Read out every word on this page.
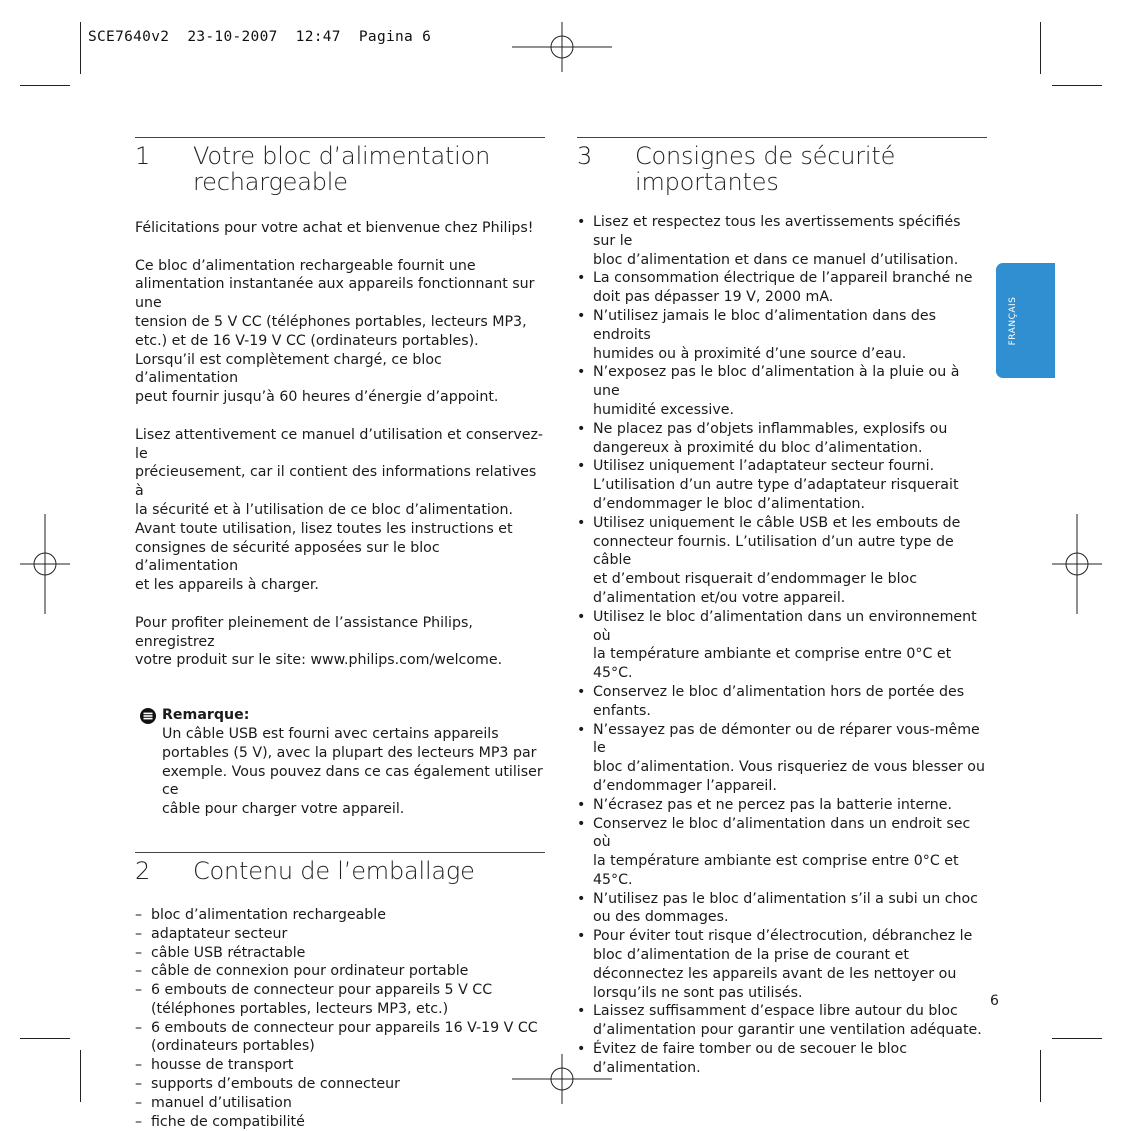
SCE7640v2  23-10-2007  12:47  Pagina 6
1	Votre bloc d’alimentation
rechargeable
Félicitations pour votre achat et bienvenue chez Philips!
Ce bloc d’alimentation rechargeable fournit une
alimentation instantanée aux appareils fonctionnant sur une
tension de 5 V CC (téléphones portables, lecteurs MP3,
etc.) et de 16 V-19 V CC (ordinateurs portables).
Lorsqu’il est complètement chargé, ce bloc d’alimentation
peut fournir jusqu’à 60 heures d’énergie d’appoint.
Lisez attentivement ce manuel d’utilisation et conservez-le
précieusement, car il contient des informations relatives à
la sécurité et à l’utilisation de ce bloc d’alimentation.
Avant toute utilisation, lisez toutes les instructions et
consignes de sécurité apposées sur le bloc d’alimentation
et les appareils à charger.
Pour profiter pleinement de l’assistance Philips, enregistrez
votre produit sur le site: www.philips.com/welcome.
Remarque:
Un câble USB est fourni avec certains appareils
portables (5 V), avec la plupart des lecteurs MP3 par
exemple. Vous pouvez dans ce cas également utiliser ce
câble pour charger votre appareil.
2	Contenu de l’emballage
– bloc d’alimentation rechargeable
– adaptateur secteur
– câble USB rétractable
– câble de connexion pour ordinateur portable
– 6 embouts de connecteur pour appareils 5 V CC
(téléphones portables, lecteurs MP3, etc.)
– 6 embouts de connecteur pour appareils 16 V-19 V CC
(ordinateurs portables)
– housse de transport
– supports d’embouts de connecteur
– manuel d’utilisation
– fiche de compatibilité
3	Consignes de sécurité importantes
• Lisez et respectez tous les avertissements spécifiés sur le
bloc d’alimentation et dans ce manuel d’utilisation.
• La consommation électrique de l’appareil branché ne
doit pas dépasser 19 V, 2000 mA.
• N’utilisez jamais le bloc d’alimentation dans des endroits
humides ou à proximité d’une source d’eau.
• N’exposez pas le bloc d’alimentation à la pluie ou à une
humidité excessive.
• Ne placez pas d’objets inflammables, explosifs ou
dangereux à proximité du bloc d’alimentation.
• Utilisez uniquement l’adaptateur secteur fourni.
L’utilisation d’un autre type d’adaptateur risquerait
d’endommager le bloc d’alimentation.
• Utilisez uniquement le câble USB et les embouts de
connecteur fournis. L’utilisation d’un autre type de câble
et d’embout risquerait d’endommager le bloc
d’alimentation et/ou votre appareil.
• Utilisez le bloc d’alimentation dans un environnement où
la température ambiante et comprise entre 0°C et 45°C.
• Conservez le bloc d’alimentation hors de portée des
enfants.
• N’essayez pas de démonter ou de réparer vous-même le
bloc d’alimentation. Vous risqueriez de vous blesser ou
d’endommager l’appareil.
• N’écrasez pas et ne percez pas la batterie interne.
• Conservez le bloc d’alimentation dans un endroit sec où
la température ambiante est comprise entre 0°C et
45°C.
• N’utilisez pas le bloc d’alimentation s’il a subi un choc
ou des dommages.
• Pour éviter tout risque d’électrocution, débranchez le
bloc d’alimentation de la prise de courant et
déconnectez les appareils avant de les nettoyer ou
lorsqu’ils ne sont pas utilisés.
• Laissez suffisamment d’espace libre autour du bloc
d’alimentation pour garantir une ventilation adéquate.
• Évitez de faire tomber ou de secouer le bloc
d’alimentation.
FRANÇAIS
6
